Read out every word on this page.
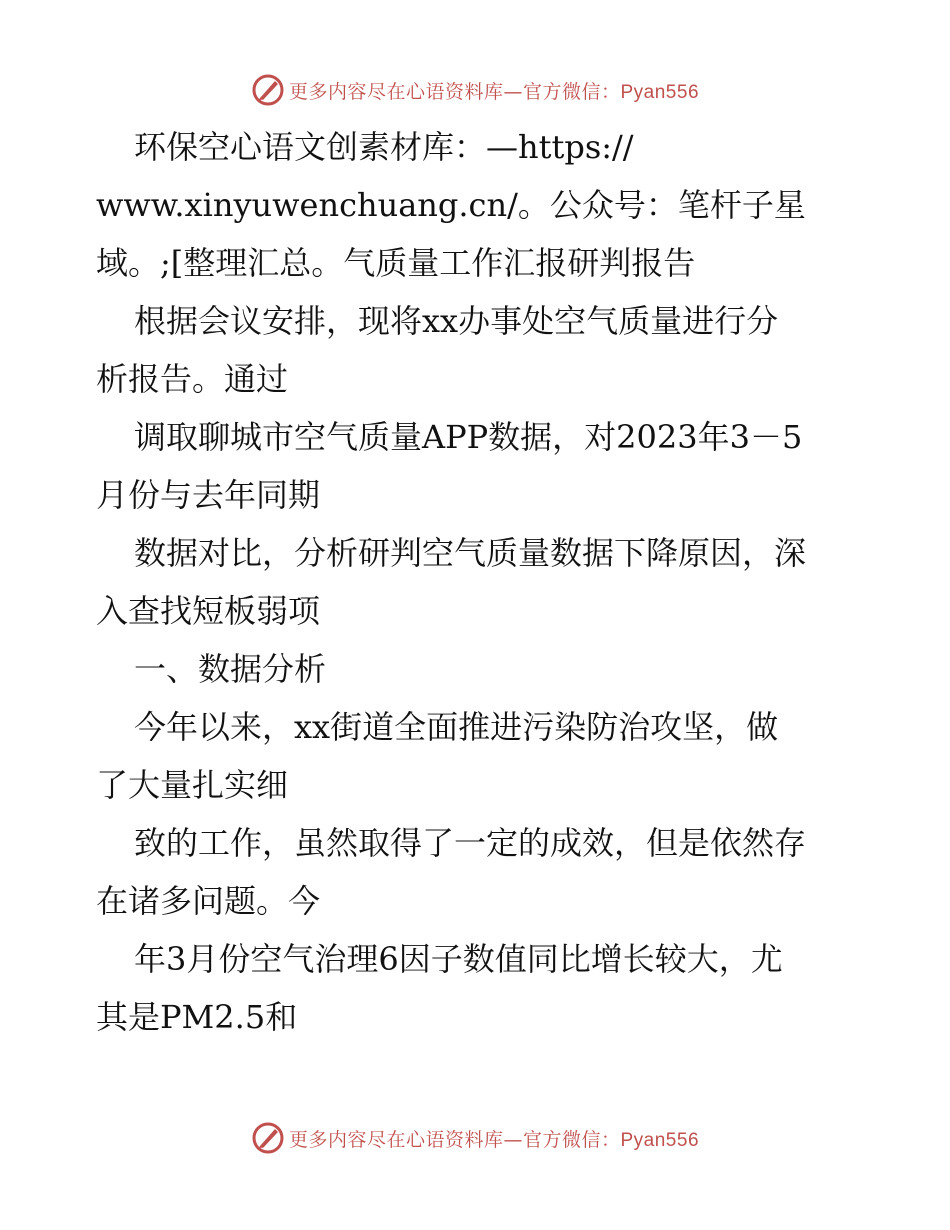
更多内容尽在心语资料库—官方微信：Pyan556
环保空心语文创素材库：—https://
www.xinyuwenchuang.cn/。公众号：笔杆子星
域。;[整理汇总。气质量工作汇报研判报告
根据会议安排，现将xx办事处空气质量进行分
析报告。通过
调取聊城市空气质量APP数据，对2023年3－5
月份与去年同期
数据对比，分析研判空气质量数据下降原因，深
入查找短板弱项
一、数据分析
今年以来，xx街道全面推进污染防治攻坚，做
了大量扎实细
致的工作，虽然取得了一定的成效，但是依然存
在诸多问题。今
年3月份空气治理6因子数值同比增长较大，尤
其是PM2.5和
更多内容尽在心语资料库—官方微信：Pyan556
